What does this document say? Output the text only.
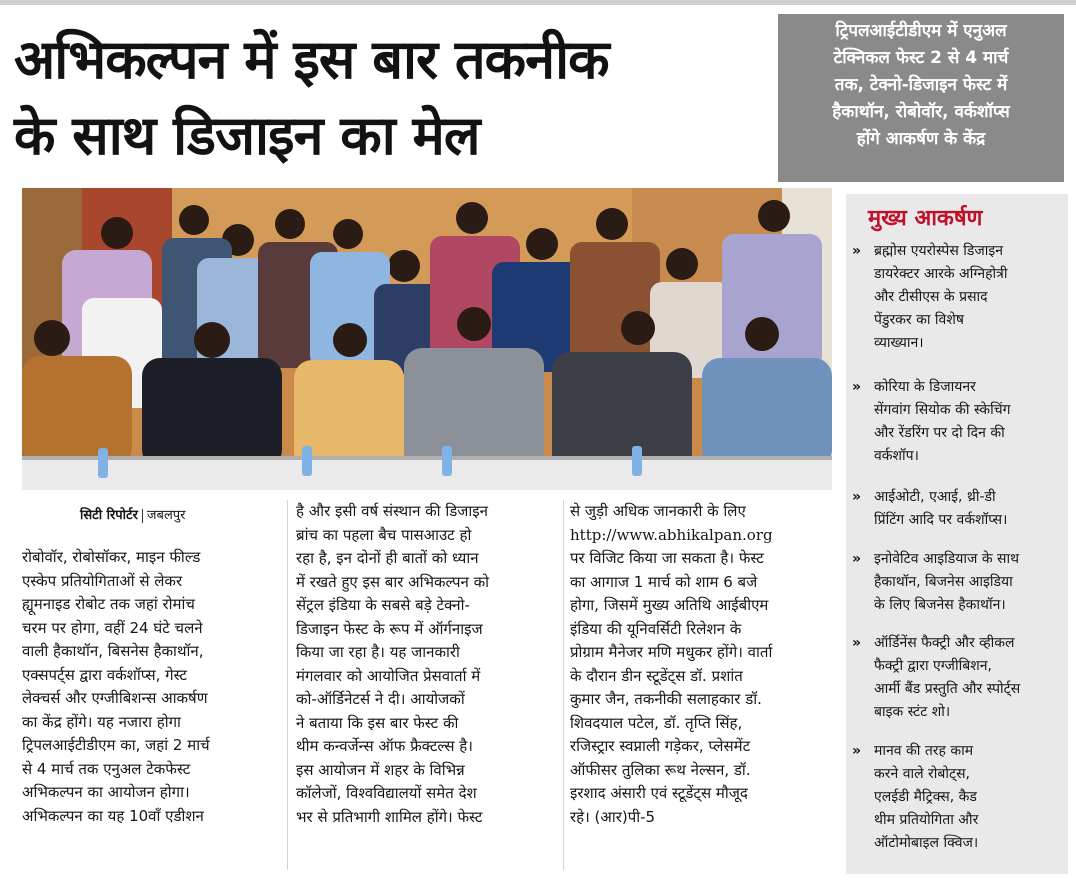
अभिकल्पन में इस बार तकनीक
के साथ डिजाइन का मेल
ट्रिपलआईटीडीएम में एनुअल
टेक्निकल फेस्ट 2 से 4 मार्च
तक, टेक्नो-डिजाइन फेस्ट में
हैकाथॉन, रोबोवॉर, वर्कशॉप्स
होंगे आकर्षण के केंद्र
मुख्य आकर्षण
» ब्रह्मोस एयरोस्पेस डिजाइन
डायरेक्टर आरके अग्निहोत्री
और टीसीएस के प्रसाद
पेंडुरकर का विशेष
व्याख्यान।
» कोरिया के डिजायनर
सेंगवांग सियोक की स्केचिंग
और रेंडरिंग पर दो दिन की
वर्कशॉप।
» आईओटी, एआई, थ्री-डी
प्रिंटिंग आदि पर वर्कशॉप्स।
» इनोवेटिव आइडियाज के साथ
हैकाथॉन, बिजनेस आइडिया
के लिए बिजनेस हैकाथॉन।
» ऑर्डिनेंस फैक्ट्री और व्हीकल
फैक्ट्री द्वारा एग्जीबिशन,
आर्मी बैंड प्रस्तुति और स्पोर्ट्स
बाइक स्टंट शो।
» मानव की तरह काम
करने वाले रोबोट्स,
एलईडी मैट्रिक्स, कैड
थीम प्रतियोगिता और
ऑटोमोबाइल क्विज।
सिटी रिपोर्टर जबलपुर
रोबोवॉर, रोबोसॉकर, माइन फील्ड
एस्केप प्रतियोगिताओं से लेकर
ह्यूमनाइड रोबोट तक जहां रोमांच
चरम पर होगा, वहीं 24 घंटे चलने
वाली हैकाथॉन, बिसनेस हैकाथॉन,
एक्सपर्ट्स द्वारा वर्कशॉप्स, गेस्ट
लेक्चर्स और एग्जीबिशन्स आकर्षण
का केंद्र होंगे। यह नजारा होगा
ट्रिपलआईटीडीएम का, जहां 2 मार्च
से 4 मार्च तक एनुअल टेकफेस्ट
अभिकल्पन का आयोजन होगा।
अभिकल्पन का यह 10वाँ एडीशन
है और इसी वर्ष संस्थान की डिजाइन
ब्रांच का पहला बैच पासआउट हो
रहा है, इन दोनों ही बातों को ध्यान
में रखते हुए इस बार अभिकल्पन को
सेंट्रल इंडिया के सबसे बड़े टेक्नो-
डिजाइन फेस्ट के रूप में ऑर्गनाइज
किया जा रहा है। यह जानकारी
मंगलवार को आयोजित प्रेसवार्ता में
को-ऑर्डिनेटर्स ने दी। आयोजकों
ने बताया कि इस बार फेस्ट की
थीम कन्वर्जेन्स ऑफ फ्रैक्टल्स है।
इस आयोजन में शहर के विभिन्न
कॉलेजों, विश्वविद्यालयों समेत देश
भर से प्रतिभागी शामिल होंगे। फेस्ट
से जुड़ी अधिक जानकारी के लिए
http://www.abhikalpan.org
पर विजिट किया जा सकता है। फेस्ट
का आगाज 1 मार्च को शाम 6 बजे
होगा, जिसमें मुख्य अतिथि आईबीएम
इंडिया की यूनिवर्सिटी रिलेशन के
प्रोग्राम मैनेजर मणि मधुकर होंगे। वार्ता
के दौरान डीन स्टूडेंट्स डॉ. प्रशांत
कुमार जैन, तकनीकी सलाहकार डॉ.
शिवदयाल पटेल, डॉ. तृप्ति सिंह,
रजिस्ट्रार स्वप्नाली गड़ेकर, प्लेसमेंट
ऑफीसर तुलिका रूथ नेल्सन, डॉ.
इरशाद अंसारी एवं स्टूडेंट्स मौजूद
रहे। (आर)पी-5
